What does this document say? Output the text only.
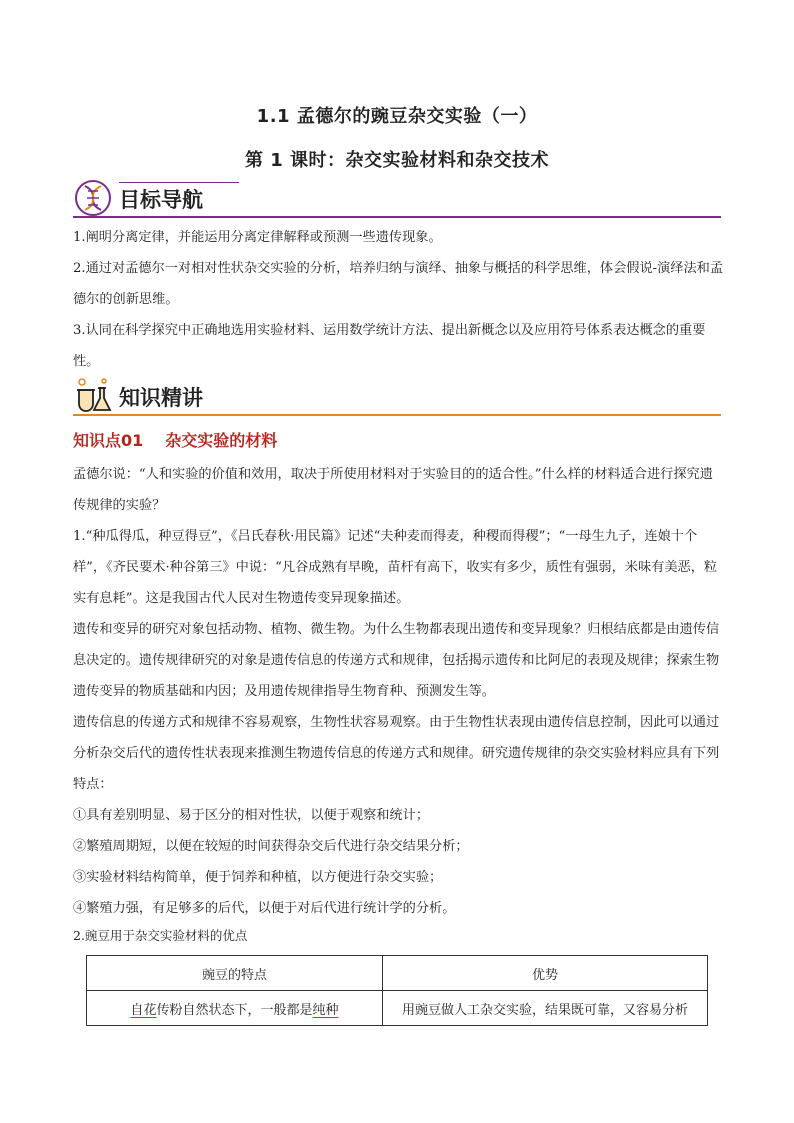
1.1 孟德尔的豌豆杂交实验（一）
第 1 课时：杂交实验材料和杂交技术
目标导航
1.阐明分离定律，并能运用分离定律解释或预测一些遗传现象。
2.通过对孟德尔一对相对性状杂交实验的分析，培养归纳与演绎、抽象与概括的科学思维，体会假说-演绎法和孟德尔的创新思维。
3.认同在科学探究中正确地选用实验材料、运用数学统计方法、提出新概念以及应用符号体系表达概念的重要性。
知识精讲
知识点01 杂交实验的材料
孟德尔说：“人和实验的价值和效用，取决于所使用材料对于实验目的的适合性。”什么样的材料适合进行探究遗传规律的实验？
1.“种瓜得瓜，种豆得豆”，《吕氏春秋·用民篇》记述“夫种麦而得麦，种稷而得稷”；“一母生九子，连娘十个样”，《齐民要术·种谷第三》中说：“凡谷成熟有早晚，苗杆有高下，收实有多少，质性有强弱，米味有美恶，粒实有息耗”。这是我国古代人民对生物遗传变异现象描述。
遗传和变异的研究对象包括动物、植物、微生物。为什么生物都表现出遗传和变异现象？归根结底都是由遗传信息决定的。遗传规律研究的对象是遗传信息的传递方式和规律，包括揭示遗传和比阿尼的表现及规律；探索生物遗传变异的物质基础和内因；及用遗传规律指导生物育种、预测发生等。
遗传信息的传递方式和规律不容易观察，生物性状容易观察。由于生物性状表现由遗传信息控制，因此可以通过分析杂交后代的遗传性状表现来推测生物遗传信息的传递方式和规律。研究遗传规律的杂交实验材料应具有下列特点：
①具有差别明显、易于区分的相对性状，以便于观察和统计；
②繁殖周期短，以便在较短的时间获得杂交后代进行杂交结果分析；
③实验材料结构简单，便于饲养和种植，以方便进行杂交实验；
④繁殖力强，有足够多的后代，以便于对后代进行统计学的分析。
2.豌豆用于杂交实验材料的优点
豌豆的特点	优势
自花传粉自然状态下，一般都是纯种	用豌豆做人工杂交实验，结果既可靠，又容易分析
